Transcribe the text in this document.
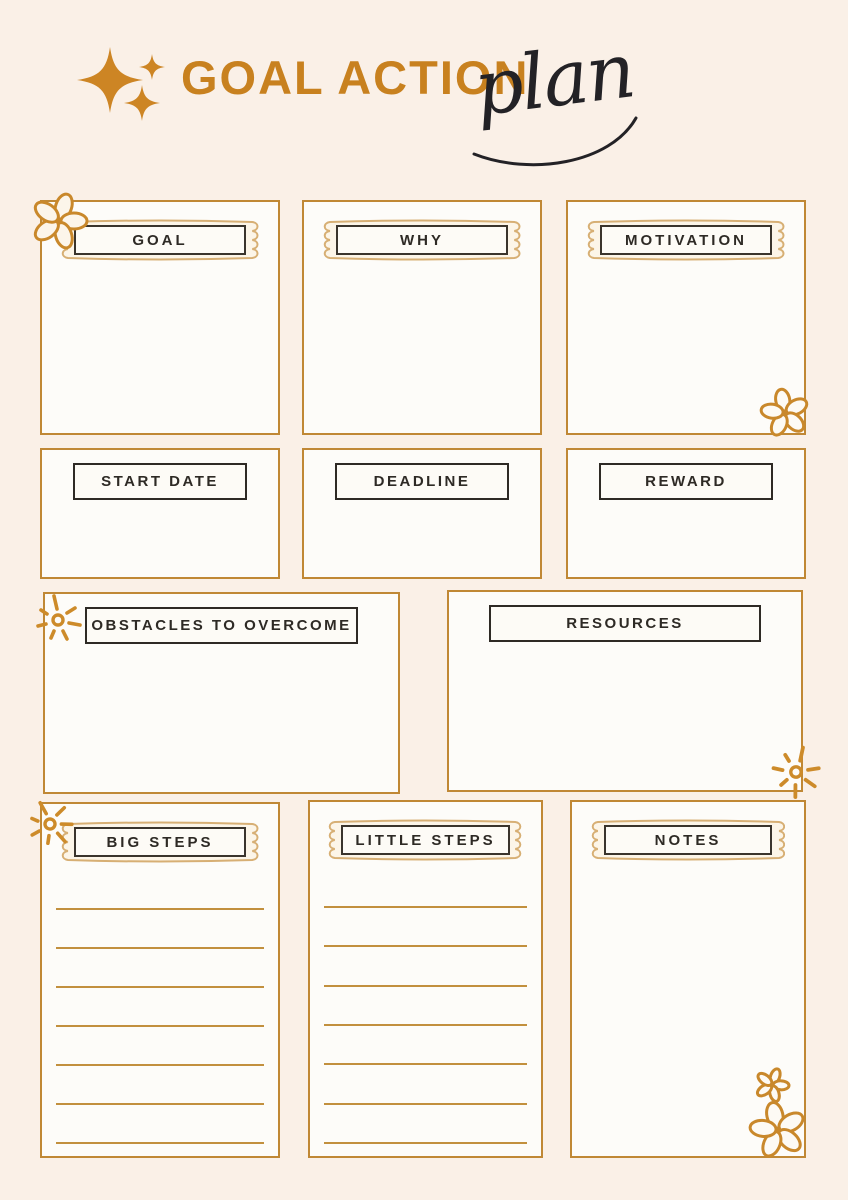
GOAL ACTION
plan
GOAL	WHY	MOTIVATION
START DATE	DEADLINE	REWARD
OBSTACLES TO OVERCOME	RESOURCES
BIG STEPS	LITTLE STEPS	NOTES
